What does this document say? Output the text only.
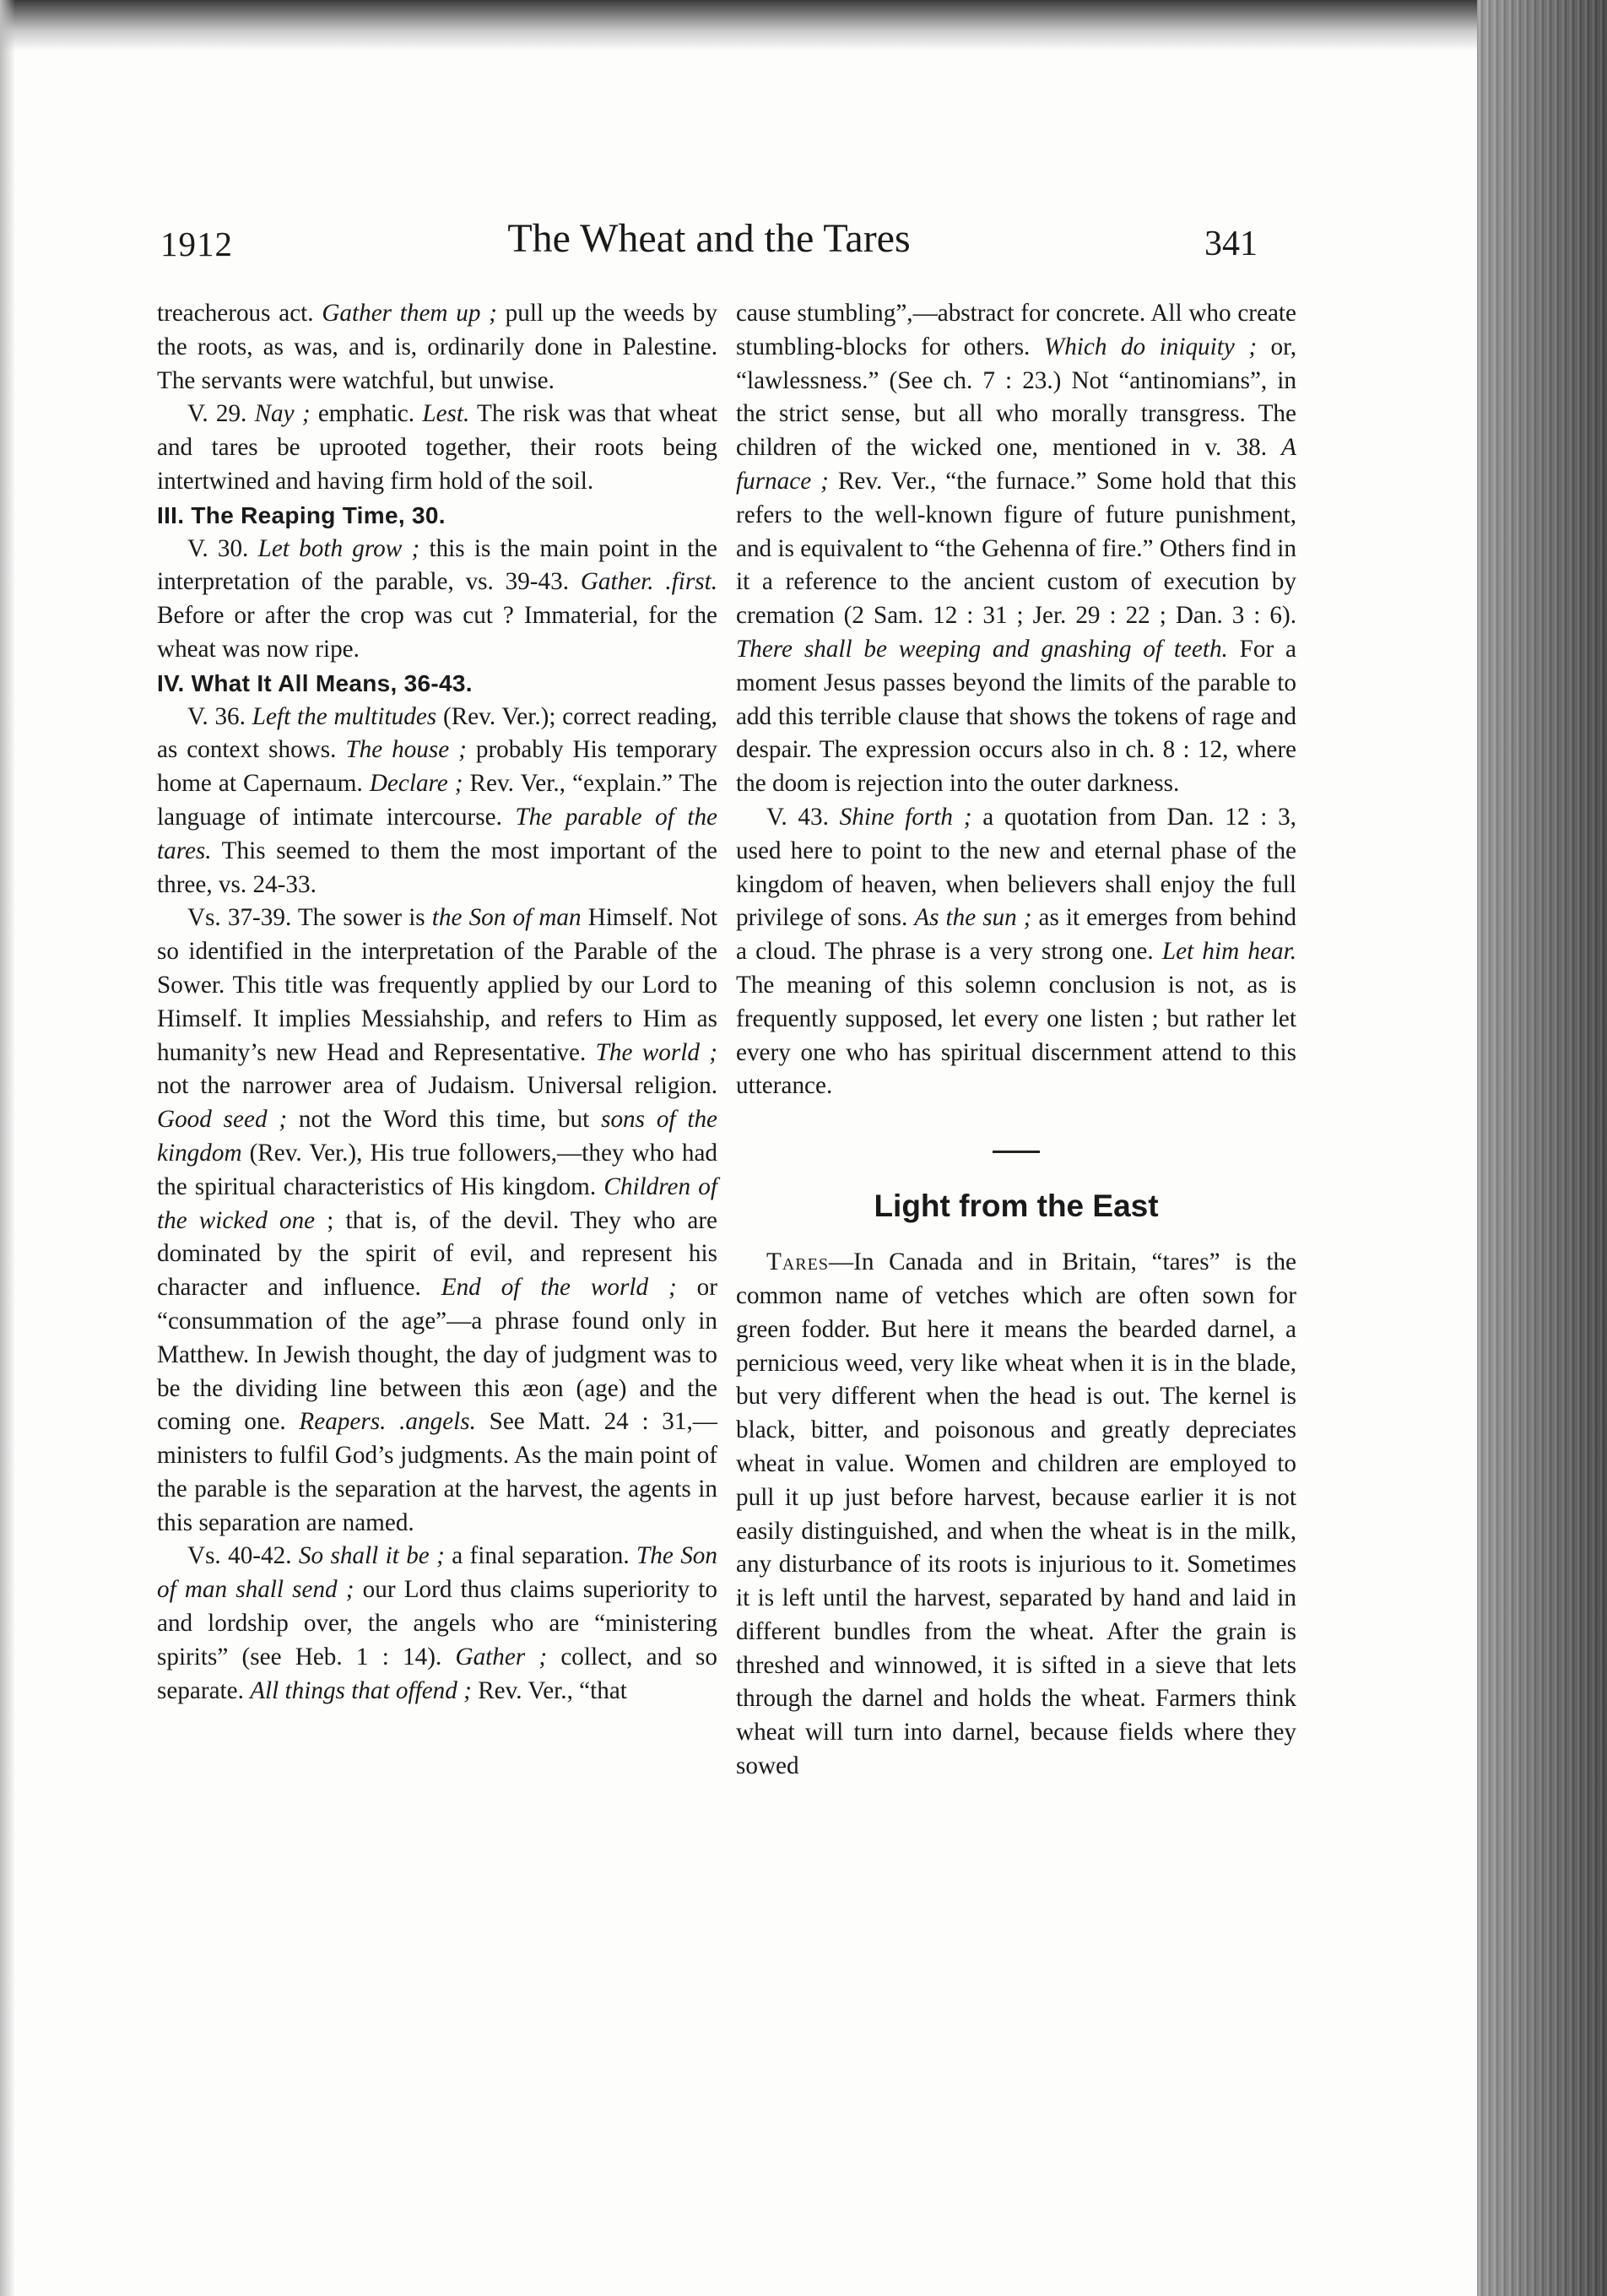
1912	The Wheat and the Tares	341

treacherous act. Gather them up ; pull up the weeds by the roots, as was, and is, ordinarily done in Palestine. The servants were watchful, but unwise.

V. 29. Nay ; emphatic. Lest. The risk was that wheat and tares be uprooted together, their roots being intertwined and having firm hold of the soil.

III. The Reaping Time, 30.

V. 30. Let both grow ; this is the main point in the interpretation of the parable, vs. 39-43. Gather. .first. Before or after the crop was cut ? Immaterial, for the wheat was now ripe.

IV. What It All Means, 36-43.

V. 36. Left the multitudes (Rev. Ver.); correct reading, as context shows. The house ; probably His temporary home at Capernaum. Declare ; Rev. Ver., “explain.” The language of intimate intercourse. The parable of the tares. This seemed to them the most important of the three, vs. 24-33.

Vs. 37-39. The sower is the Son of man Himself. Not so identified in the interpretation of the Parable of the Sower. This title was frequently applied by our Lord to Himself. It implies Messiahship, and refers to Him as humanity’s new Head and Representative. The world ; not the narrower area of Judaism. Universal religion. Good seed ; not the Word this time, but sons of the kingdom (Rev. Ver.), His true followers,—they who had the spiritual characteristics of His kingdom. Children of the wicked one ; that is, of the devil. They who are dominated by the spirit of evil, and represent his character and influence. End of the world ; or “consummation of the age”—a phrase found only in Matthew. In Jewish thought, the day of judgment was to be the dividing line between this æon (age) and the coming one. Reapers. .angels. See Matt. 24 : 31,—ministers to fulfil God’s judgments. As the main point of the parable is the separation at the harvest, the agents in this separation are named.

Vs. 40-42. So shall it be ; a final separation. The Son of man shall send ; our Lord thus claims superiority to and lordship over, the angels who are “ministering spirits” (see Heb. 1 : 14). Gather ; collect, and so separate. All things that offend ; Rev. Ver., “that

cause stumbling”,—abstract for concrete. All who create stumbling-blocks for others. Which do iniquity ; or, “lawlessness.” (See ch. 7 : 23.) Not “antinomians”, in the strict sense, but all who morally transgress. The children of the wicked one, mentioned in v. 38. A furnace ; Rev. Ver., “the furnace.” Some hold that this refers to the well-known figure of future punishment, and is equivalent to “the Gehenna of fire.” Others find in it a reference to the ancient custom of execution by cremation (2 Sam. 12 : 31 ; Jer. 29 : 22 ; Dan. 3 : 6). There shall be weeping and gnashing of teeth. For a moment Jesus passes beyond the limits of the parable to add this terrible clause that shows the tokens of rage and despair. The expression occurs also in ch. 8 : 12, where the doom is rejection into the outer darkness.

V. 43. Shine forth ; a quotation from Dan. 12 : 3, used here to point to the new and eternal phase of the kingdom of heaven, when believers shall enjoy the full privilege of sons. As the sun ; as it emerges from behind a cloud. The phrase is a very strong one. Let him hear. The meaning of this solemn conclusion is not, as is frequently supposed, let every one listen ; but rather let every one who has spiritual discernment attend to this utterance.

Light from the East

Tares—In Canada and in Britain, “tares” is the common name of vetches which are often sown for green fodder. But here it means the bearded darnel, a pernicious weed, very like wheat when it is in the blade, but very different when the head is out. The kernel is black, bitter, and poisonous and greatly depreciates wheat in value. Women and children are employed to pull it up just before harvest, because earlier it is not easily distinguished, and when the wheat is in the milk, any disturbance of its roots is injurious to it. Sometimes it is left until the harvest, separated by hand and laid in different bundles from the wheat. After the grain is threshed and winnowed, it is sifted in a sieve that lets through the darnel and holds the wheat. Farmers think wheat will turn into darnel, because fields where they sowed
